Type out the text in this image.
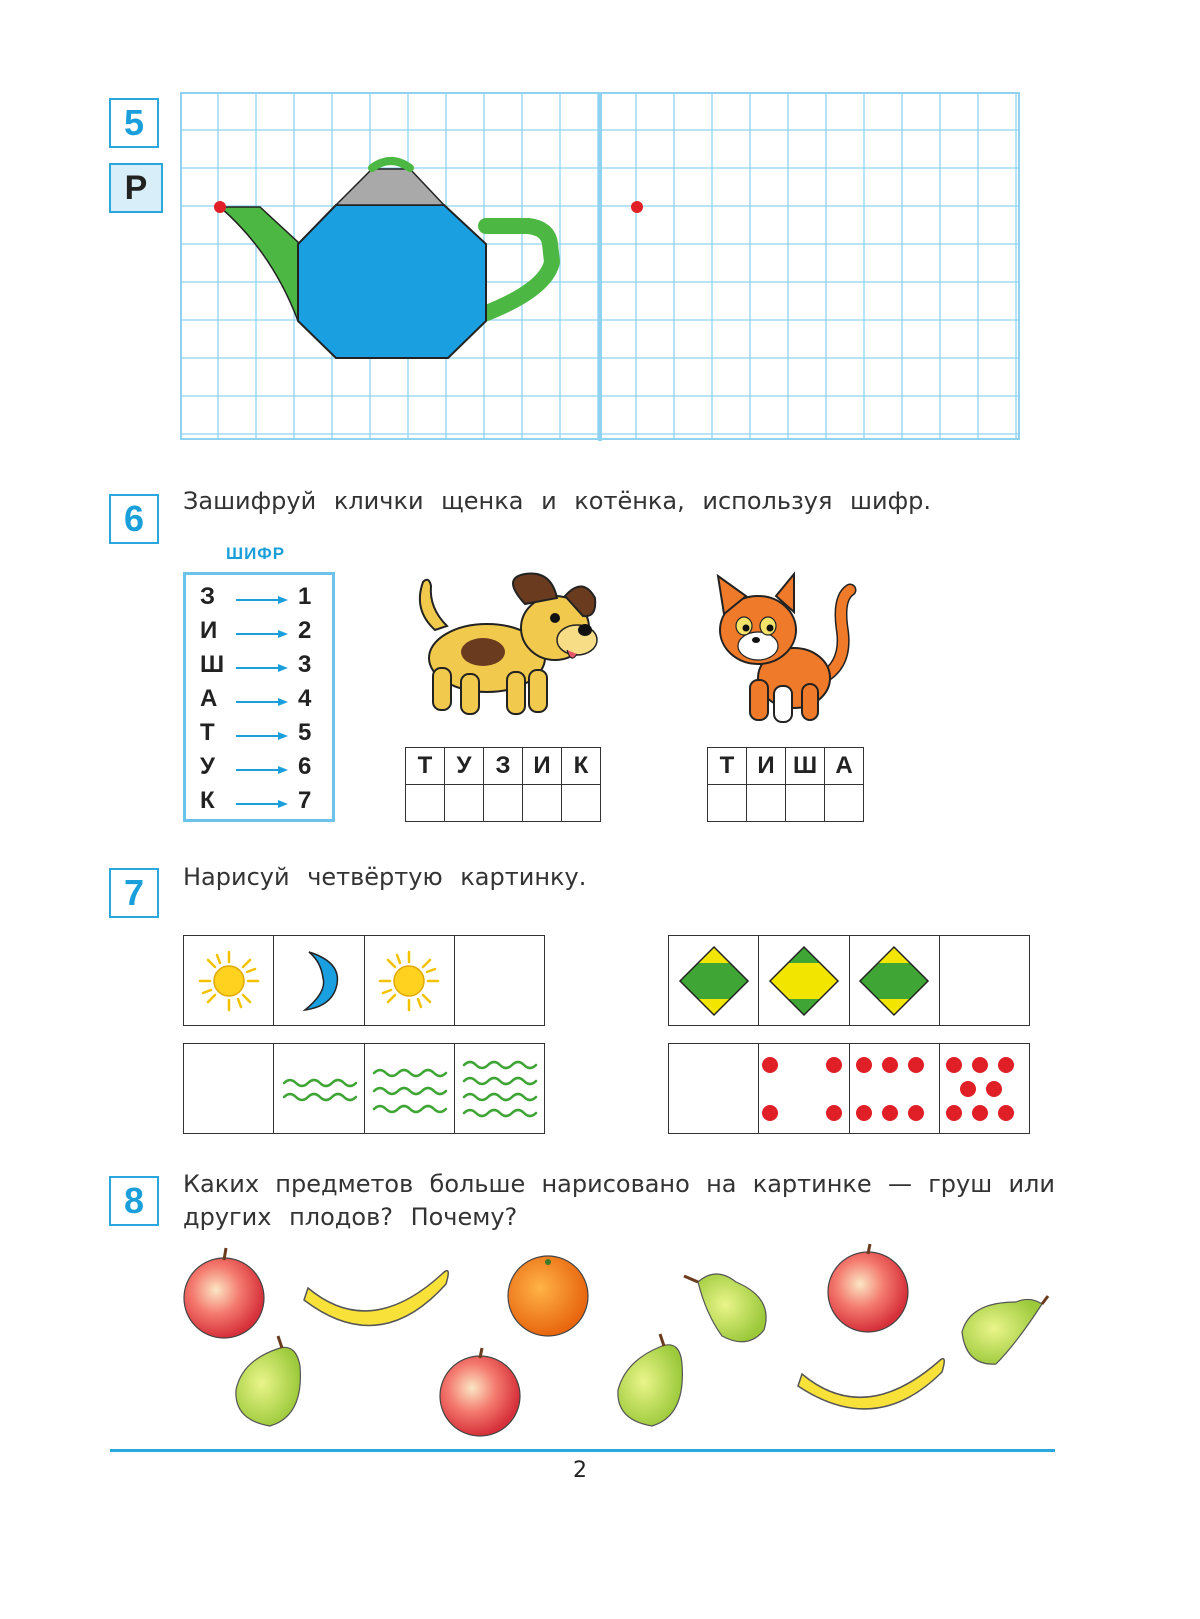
5
Р
6	Зашифруй клички щенка и котёнка, используя шифр.
ШИФР
З	1
И	2
Ш	3
А	4
Т	5
У	6
К	7
Т	У	З	И	К
					Т	И	Ш	А

7	Нарисуй четвёртую картинку.
8	Каких предметов больше нарисовано на картинке — груш или
других плодов? Почему?
2
